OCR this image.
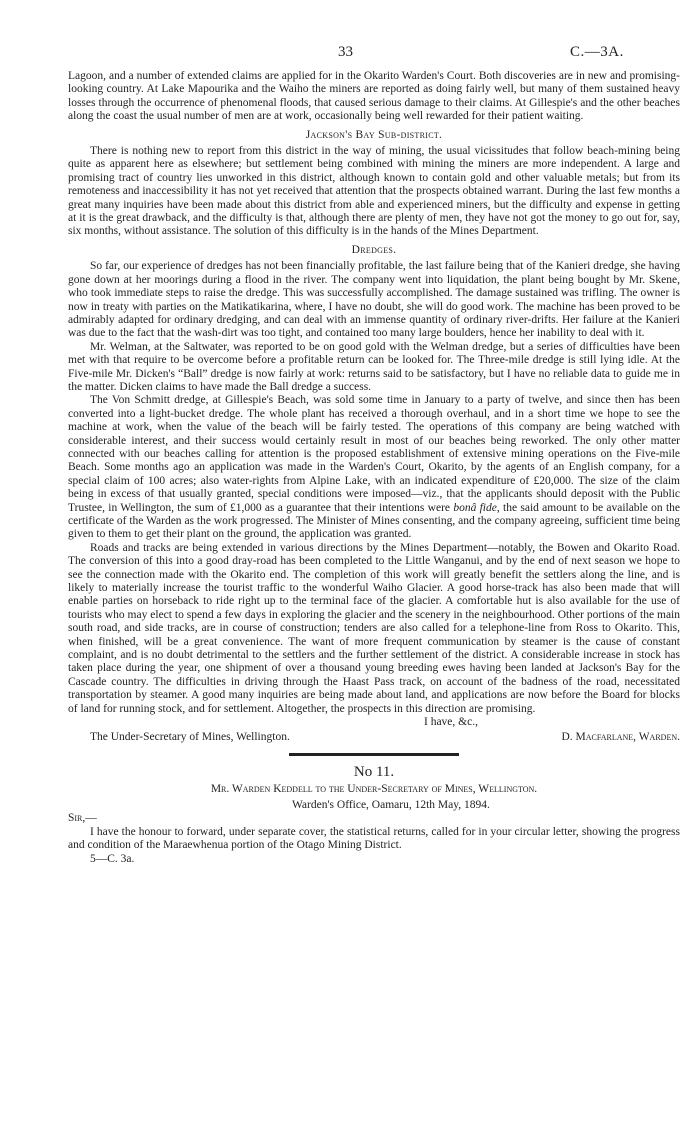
33	C.—3A.

Lagoon, and a number of extended claims are applied for in the Okarito Warden's Court. Both discoveries are in new and promising-looking country. At Lake Mapourika and the Waiho the miners are reported as doing fairly well, but many of them sustained heavy losses through the occurrence of phenomenal floods, that caused serious damage to their claims. At Gillespie's and the other beaches along the coast the usual number of men are at work, occasionally being well rewarded for their patient waiting.

Jackson's Bay Sub-district.

There is nothing new to report from this district in the way of mining, the usual vicissitudes that follow beach-mining being quite as apparent here as elsewhere; but settlement being combined with mining the miners are more independent. A large and promising tract of country lies unworked in this district, although known to contain gold and other valuable metals; but from its remoteness and inaccessibility it has not yet received that attention that the prospects obtained warrant. During the last few months a great many inquiries have been made about this district from able and experienced miners, but the difficulty and expense in getting at it is the great drawback, and the difficulty is that, although there are plenty of men, they have not got the money to go out for, say, six months, without assistance. The solution of this difficulty is in the hands of the Mines Department.

Dredges.

So far, our experience of dredges has not been financially profitable, the last failure being that of the Kanieri dredge, she having gone down at her moorings during a flood in the river. The company went into liquidation, the plant being bought by Mr. Skene, who took immediate steps to raise the dredge. This was successfully accomplished. The damage sustained was trifling. The owner is now in treaty with parties on the Matikatikarina, where, I have no doubt, she will do good work. The machine has been proved to be admirably adapted for ordinary dredging, and can deal with an immense quantity of ordinary river-drifts. Her failure at the Kanieri was due to the fact that the wash-dirt was too tight, and contained too many large boulders, hence her inability to deal with it.

Mr. Welman, at the Saltwater, was reported to be on good gold with the Welman dredge, but a series of difficulties have been met with that require to be overcome before a profitable return can be looked for. The Three-mile dredge is still lying idle. At the Five-mile Mr. Dicken's “Ball” dredge is now fairly at work: returns said to be satisfactory, but I have no reliable data to guide me in the matter. Dicken claims to have made the Ball dredge a success.

The Von Schmitt dredge, at Gillespie's Beach, was sold some time in January to a party of twelve, and since then has been converted into a light-bucket dredge. The whole plant has received a thorough overhaul, and in a short time we hope to see the machine at work, when the value of the beach will be fairly tested. The operations of this company are being watched with considerable interest, and their success would certainly result in most of our beaches being reworked. The only other matter connected with our beaches calling for attention is the proposed establishment of extensive mining operations on the Five-mile Beach. Some months ago an application was made in the Warden's Court, Okarito, by the agents of an English company, for a special claim of 100 acres; also water-rights from Alpine Lake, with an indicated expenditure of £20,000. The size of the claim being in excess of that usually granted, special conditions were imposed—viz., that the applicants should deposit with the Public Trustee, in Wellington, the sum of £1,000 as a guarantee that their intentions were bonâ fide, the said amount to be available on the certificate of the Warden as the work progressed. The Minister of Mines consenting, and the company agreeing, sufficient time being given to them to get their plant on the ground, the application was granted.

Roads and tracks are being extended in various directions by the Mines Department—notably, the Bowen and Okarito Road. The conversion of this into a good dray-road has been completed to the Little Wanganui, and by the end of next season we hope to see the connection made with the Okarito end. The completion of this work will greatly benefit the settlers along the line, and is likely to materially increase the tourist traffic to the wonderful Waiho Glacier. A good horse-track has also been made that will enable parties on horseback to ride right up to the terminal face of the glacier. A comfortable hut is also available for the use of tourists who may elect to spend a few days in exploring the glacier and the scenery in the neighbourhood. Other portions of the main south road, and side tracks, are in course of construction; tenders are also called for a telephone-line from Ross to Okarito. This, when finished, will be a great convenience. The want of more frequent communication by steamer is the cause of constant complaint, and is no doubt detrimental to the settlers and the further settlement of the district. A considerable increase in stock has taken place during the year, one shipment of over a thousand young breeding ewes having been landed at Jackson's Bay for the Cascade country. The difficulties in driving through the Haast Pass track, on account of the badness of the road, necessitated transportation by steamer. A good many inquiries are being made about land, and applications are now before the Board for blocks of land for running stock, and for settlement. Altogether, the prospects in this direction are promising.

I have, &c.,
The Under-Secretary of Mines, Wellington.	D. Macfarlane, Warden.
No 11.
Mr. Warden Keddell to the Under-Secretary of Mines, Wellington.
Warden's Office, Oamaru, 12th May, 1894.
Sir,—

I have the honour to forward, under separate cover, the statistical returns, called for in your circular letter, showing the progress and condition of the Maraewhenua portion of the Otago Mining District.

5—C. 3a.
